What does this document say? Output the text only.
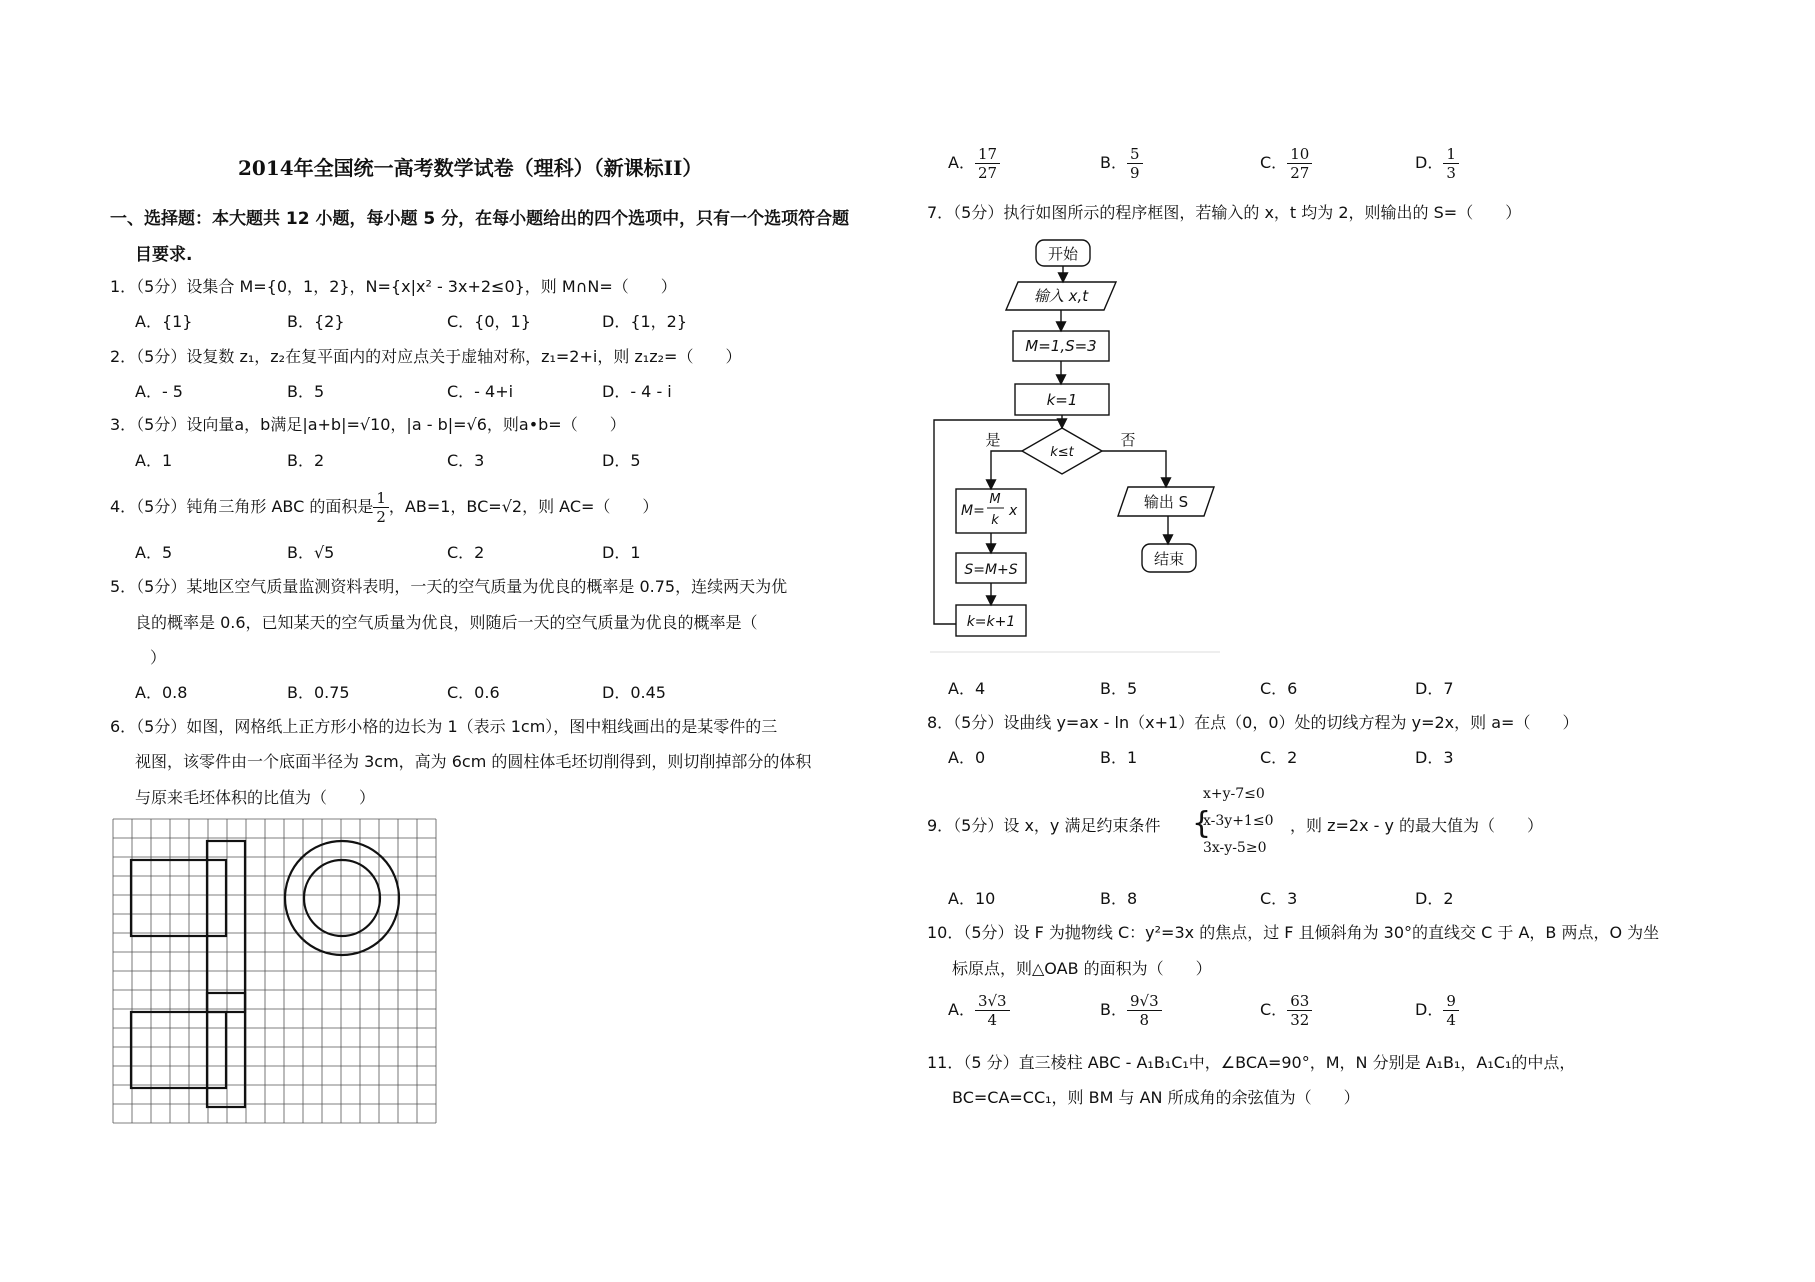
2014年全国统一高考数学试卷（理科）（新课标II）
一、选择题：本大题共 12 小题，每小题 5 分，在每小题给出的四个选项中，只有一个选项符合题
目要求.
1．（5分）设集合 M={0，1，2}，N={x|x² - 3x+2≤0}，则 M∩N=（　　）
A．{1}	B．{2}	C．{0，1}	D．{1，2}
2．（5分）设复数 z₁，z₂在复平面内的对应点关于虚轴对称，z₁=2+i，则 z₁z₂=（　　）
A．- 5	B．5	C．- 4+i	D．- 4 - i
3．（5分）设向量a，b满足|a+b|=√10，|a - b|=√6，则a•b=（　　）
A．1	B．2	C．3	D．5
4．（5分）钝角三角形 ABC 的面积是 $\frac{1}{2}$ ，AB=1，BC=√2，则 AC=（　　）
A．5	B．√5	C．2	D．1
5．（5分）某地区空气质量监测资料表明，一天的空气质量为优良的概率是 0.75，连续两天为优
良的概率是 0.6，已知某天的空气质量为优良，则随后一天的空气质量为优良的概率是（
）
A．0.8	B．0.75	C．0.6	D．0.45
6．（5分）如图，网格纸上正方形小格的边长为 1（表示 1cm），图中粗线画出的是某零件的三
视图，该零件由一个底面半径为 3cm，高为 6cm 的圆柱体毛坯切削得到，则切削掉部分的体积
与原来毛坯体积的比值为（　　）
A． $\frac{17}{27}$	B． $\frac{5}{9}$	C． $\frac{10}{27}$	D． $\frac{1}{3}$
7．（5分）执行如图所示的程序框图，若输入的 x，t 均为 2，则输出的 S=（　　）
开始
输入 x,t
M=1,S=3
k=1
k≤t
是	否
M=
M
k
x
S=M+S
k=k+1
输出 S
结束
A．4	B．5	C．6	D．7
8．（5分）设曲线 y=ax - ln（x+1）在点（0，0）处的切线方程为 y=2x，则 a=（　　）
A．0	B．1	C．2	D．3
9．（5分）设 x，y 满足约束条件 {
x+y-7≤0
x-3y+1≤0
3x-y-5≥0
，则 z=2x - y 的最大值为（　　）
A．10	B．8	C．3	D．2
10．（5分）设 F 为抛物线 C：y²=3x 的焦点，过 F 且倾斜角为 30°的直线交 C 于 A，B 两点，O 为坐
标原点，则△OAB 的面积为（　　）
A． $\frac{3√3}{4}$	B． $\frac{9√3}{8}$	C． $\frac{63}{32}$	D． $\frac{9}{4}$
11．（5 分）直三棱柱 ABC - A₁B₁C₁中，∠BCA=90°，M，N 分别是 A₁B₁，A₁C₁的中点，
BC=CA=CC₁，则 BM 与 AN 所成角的余弦值为（　　）
